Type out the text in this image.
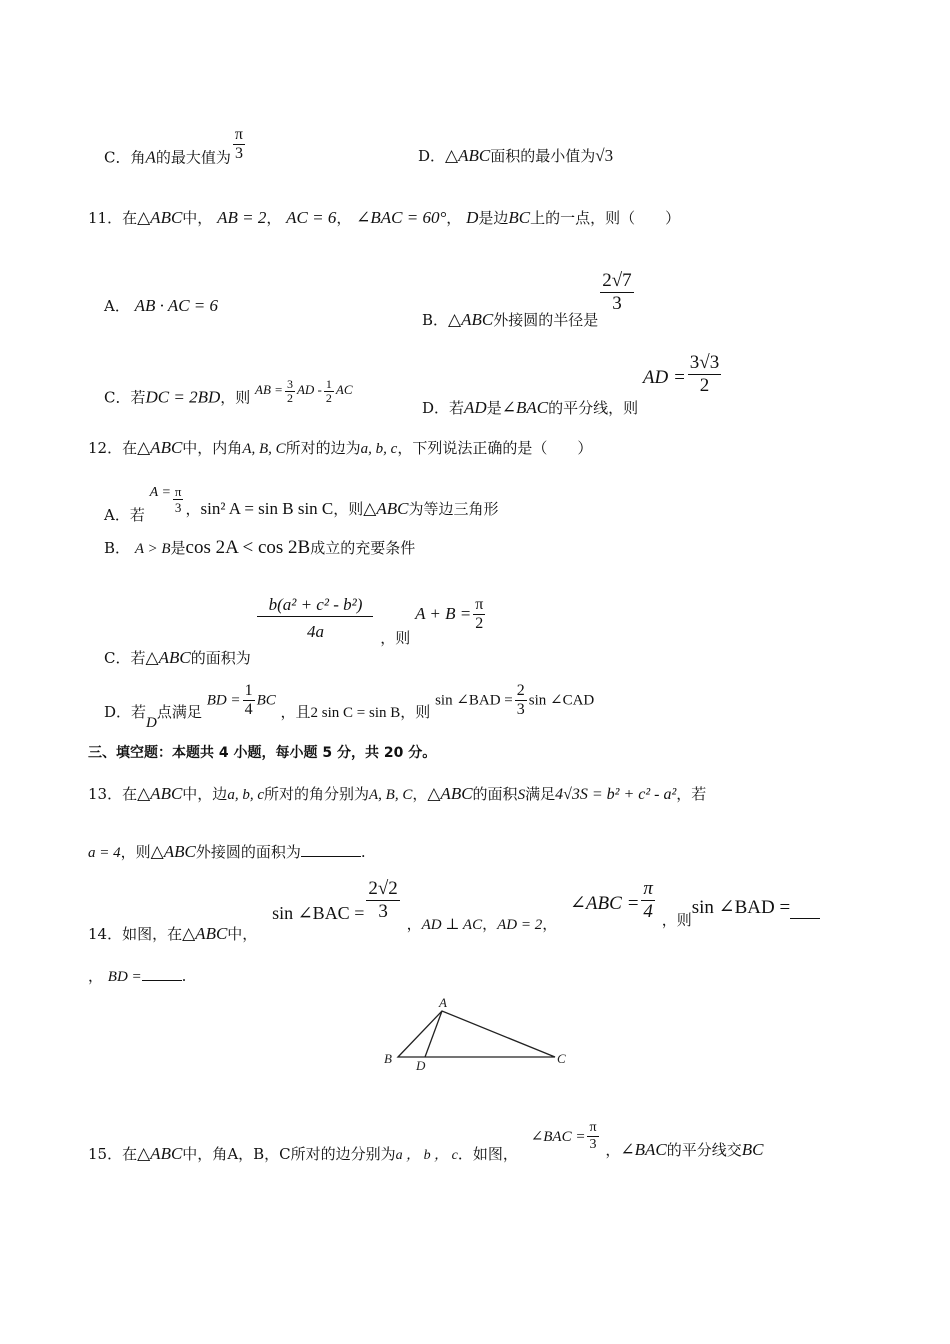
C．角A的最大值为 $\frac{\pi}{3}$	D．△ABC面积的最小值为√3
11．在△ABC中， AB = 2， AC = 6， ∠BAC = 60°， D是边BC上的一点，则（　　）
A． AB · AC = 6
B．△ABC外接圆的半径是
$\frac{2√7}{3}$
C．若DC = 2BD，则 AB = $\frac{3}{2}$ AD - $\frac{1}{2}$ AC
D．若AD是∠BAC的平分线，则 AD = $\frac{3√3}{2}$
12．在△ABC中，内角A, B, C所对的边为a, b, c，下列说法正确的是（　　）
A．若 $A = \frac{\pi}{3}$ ，sin² A = sin B sin C，则△ABC为等边三角形
B． A > B是cos 2A < cos 2B成立的充要条件
C．若△ABC的面积为
$\frac{\text{b(a² + c² - b²)}}{4a}$ ，则 $A + B = \frac{\pi}{2}$
D．若D点满足 BD = $\frac{1}{4}$ BC ，且2 sin C = sin B，则 sin ∠BAD = $\frac{2}{3}$ sin ∠CAD
三、填空题：本题共 4 小题，每小题 5 分，共 20 分。
13．在△ABC中，边a, b, c所对的角分别为A, B, C，△ABC的面积S满足4√3S = b² + c² - a²，若
a = 4，则△ABC外接圆的面积为	.
14．如图，在△ABC中， sin ∠BAC = $\frac{2√2}{3}$
，AD ⊥ AC，AD = 2， ∠ABC = $\frac{\pi}{4}$ ，则sin ∠BAD =
， BD =	.
A
B D	C
15．在△ABC中，角A，B，C所对的边分别为a ， b ， c．如图， ∠BAC = $\frac{\pi}{3}$ ，∠BAC的平分线交BC
